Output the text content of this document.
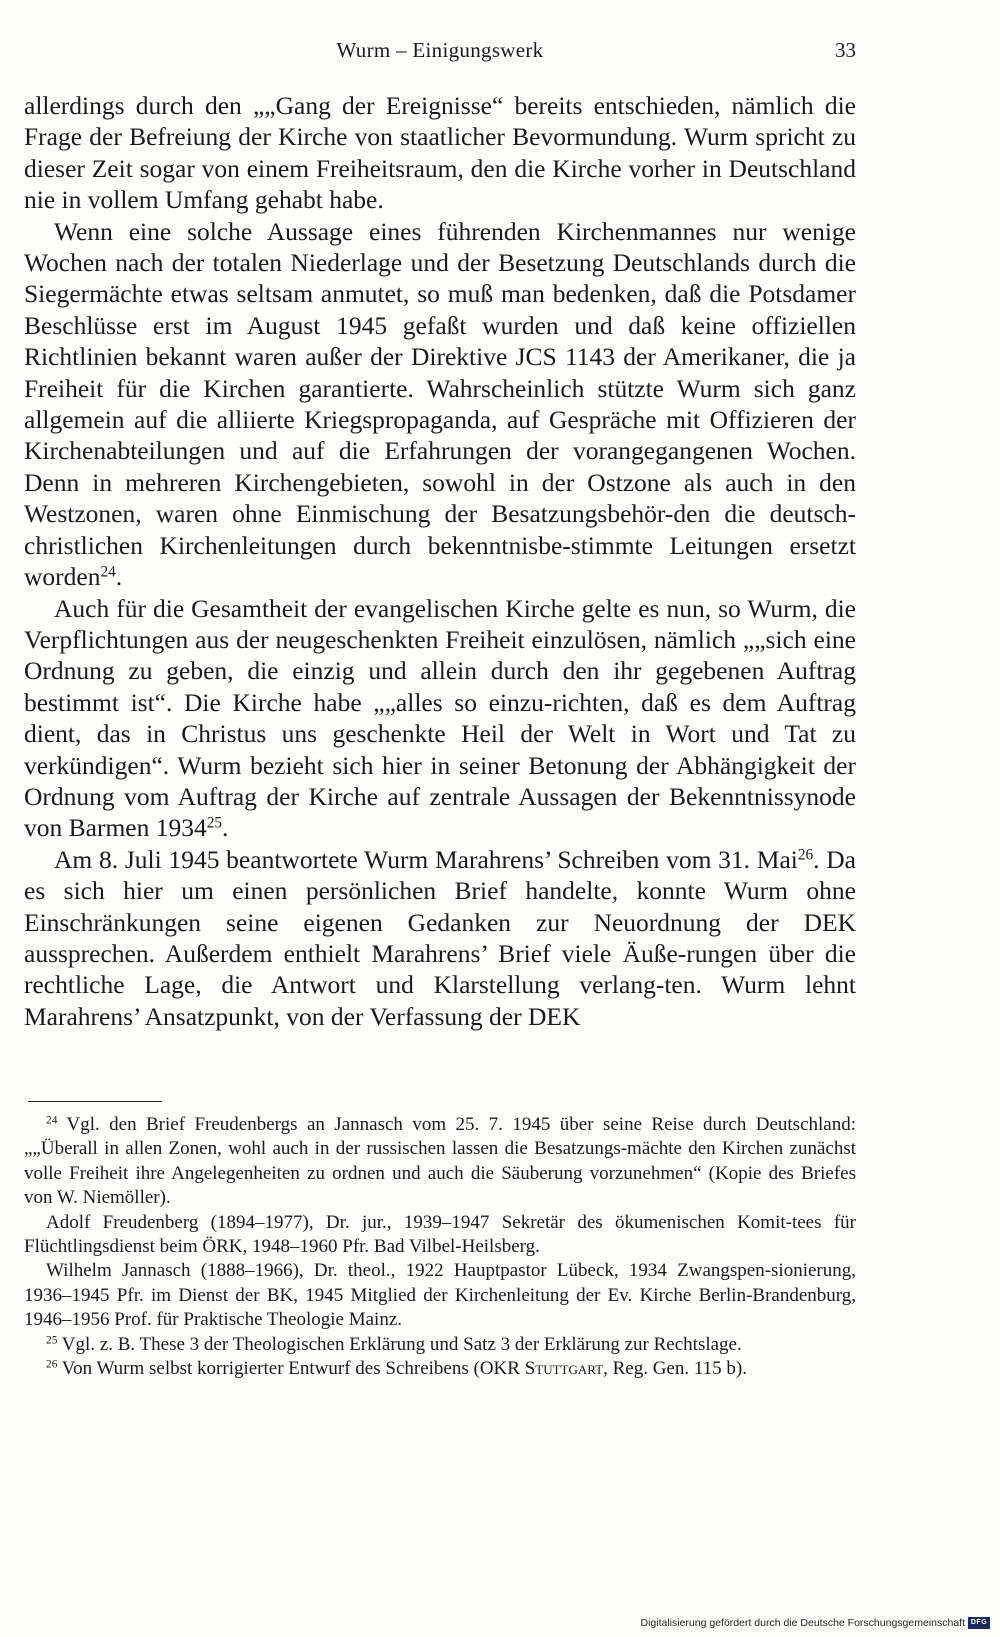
Wurm – Einigungswerk	33

allerdings durch den „„Gang der Ereignisse“ bereits entschieden, nämlich die Frage der Befreiung der Kirche von staatlicher Bevormundung. Wurm spricht zu dieser Zeit sogar von einem Freiheitsraum, den die Kirche vorher in Deutschland nie in vollem Umfang gehabt habe.

Wenn eine solche Aussage eines führenden Kirchenmannes nur wenige Wochen nach der totalen Niederlage und der Besetzung Deutschlands durch die Siegermächte etwas seltsam anmutet, so muß man bedenken, daß die Potsdamer Beschlüsse erst im August 1945 gefaßt wurden und daß keine offiziellen Richtlinien bekannt waren außer der Direktive JCS 1143 der Amerikaner, die ja Freiheit für die Kirchen garantierte. Wahrscheinlich stützte Wurm sich ganz allgemein auf die alliierte Kriegspropaganda, auf Gespräche mit Offizieren der Kirchenabteilungen und auf die Erfahrungen der vorangegangenen Wochen. Denn in mehreren Kirchengebieten, sowohl in der Ostzone als auch in den Westzonen, waren ohne Einmischung der Besatzungsbehör-den die deutsch-christlichen Kirchenleitungen durch bekenntnisbe-stimmte Leitungen ersetzt worden$^{24}$.

Auch für die Gesamtheit der evangelischen Kirche gelte es nun, so Wurm, die Verpflichtungen aus der neugeschenkten Freiheit einzulösen, nämlich „„sich eine Ordnung zu geben, die einzig und allein durch den ihr gegebenen Auftrag bestimmt ist“. Die Kirche habe „„alles so einzu-richten, daß es dem Auftrag dient, das in Christus uns geschenkte Heil der Welt in Wort und Tat zu verkündigen“. Wurm bezieht sich hier in seiner Betonung der Abhängigkeit der Ordnung vom Auftrag der Kirche auf zentrale Aussagen der Bekenntnissynode von Barmen 1934$^{25}$.

Am 8. Juli 1945 beantwortete Wurm Marahrens’ Schreiben vom 31. Mai$^{26}$. Da es sich hier um einen persönlichen Brief handelte, konnte Wurm ohne Einschränkungen seine eigenen Gedanken zur Neuordnung der DEK aussprechen. Außerdem enthielt Marahrens’ Brief viele Äuße-rungen über die rechtliche Lage, die Antwort und Klarstellung verlang-ten. Wurm lehnt Marahrens’ Ansatzpunkt, von der Verfassung der DEK

$^{24}$ Vgl. den Brief Freudenbergs an Jannasch vom 25. 7. 1945 über seine Reise durch Deutschland: „„Überall in allen Zonen, wohl auch in der russischen lassen die Besatzungs-mächte den Kirchen zunächst volle Freiheit ihre Angelegenheiten zu ordnen und auch die Säuberung vorzunehmen“ (Kopie des Briefes von W. Niemöller).

Adolf Freudenberg (1894–1977), Dr. jur., 1939–1947 Sekretär des ökumenischen Komit-tees für Flüchtlingsdienst beim ÖRK, 1948–1960 Pfr. Bad Vilbel-Heilsberg.

Wilhelm Jannasch (1888–1966), Dr. theol., 1922 Hauptpastor Lübeck, 1934 Zwangspen-sionierung, 1936–1945 Pfr. im Dienst der BK, 1945 Mitglied der Kirchenleitung der Ev. Kirche Berlin-Brandenburg, 1946–1956 Prof. für Praktische Theologie Mainz.

$^{25}$ Vgl. z. B. These 3 der Theologischen Erklärung und Satz 3 der Erklärung zur Rechtslage.

$^{26}$ Von Wurm selbst korrigierter Entwurf des Schreibens (OKR Stuttgart, Reg. Gen. 115 b).

Digitalisierung gefördert durch die Deutsche Forschungsgemeinschaft DFG
